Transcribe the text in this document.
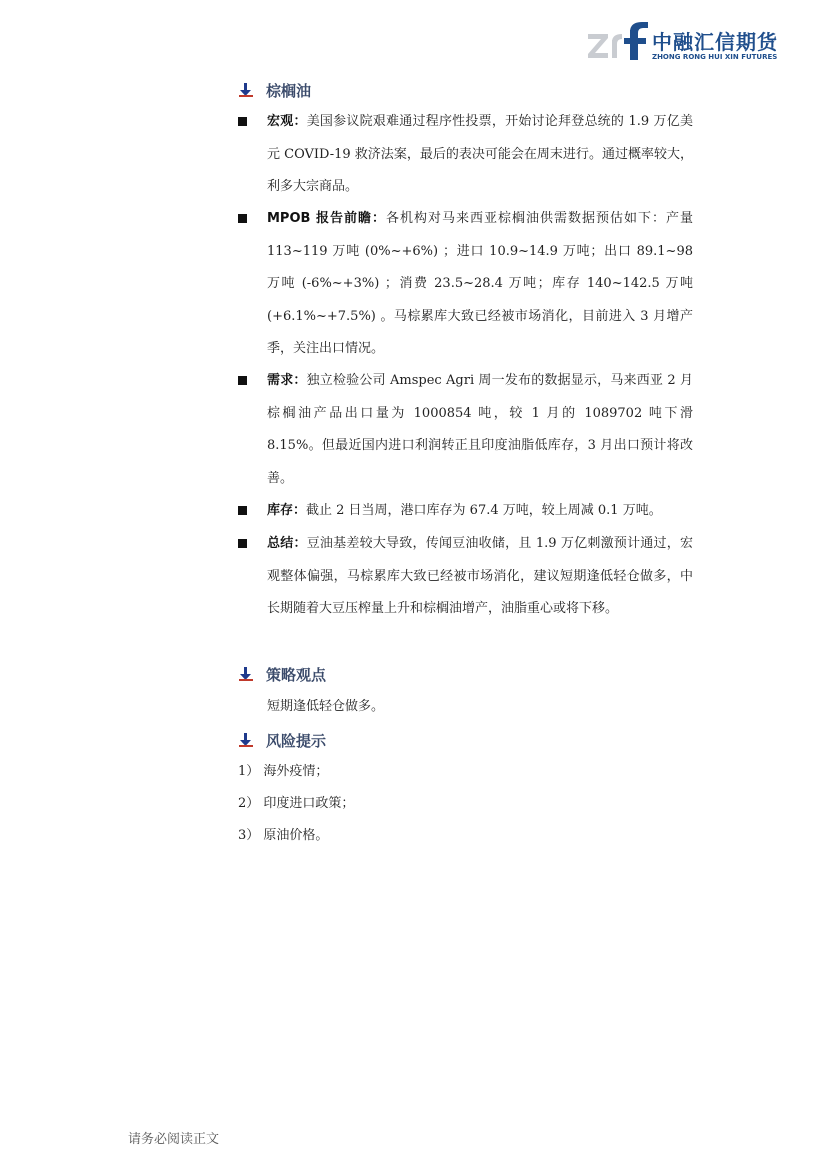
中融汇信期货
ZHONG RONG HUI XIN FUTURES
棕榈油
宏观：美国参议院艰难通过程序性投票，开始讨论拜登总统的 1.9 万亿美元 COVID-19 救济法案，最后的表决可能会在周末进行。通过概率较大，利多大宗商品。
MPOB 报告前瞻：各机构对马来西亚棕榈油供需数据预估如下：产量 113~119 万吨 (0%~+6%) ；进口 10.9~14.9 万吨；出口 89.1~98 万吨 (-6%~+3%) ；消费 23.5~28.4 万吨；库存 140~142.5 万吨 (+6.1%~+7.5%) 。马棕累库大致已经被市场消化，目前进入 3 月增产季，关注出口情况。
需求：独立检验公司 Amspec Agri 周一发布的数据显示，马来西亚 2 月棕榈油产品出口量为 1000854 吨，较 1 月的 1089702 吨下滑 8.15%。但最近国内进口利润转正且印度油脂低库存，3 月出口预计将改善。
库存：截止 2 日当周，港口库存为 67.4 万吨，较上周减 0.1 万吨。
总结：豆油基差较大导致，传闻豆油收储，且 1.9 万亿刺激预计通过，宏观整体偏强，马棕累库大致已经被市场消化，建议短期逢低轻仓做多，中长期随着大豆压榨量上升和棕榈油增产，油脂重心或将下移。
策略观点
短期逢低轻仓做多。
风险提示
1） 海外疫情；
2） 印度进口政策；
3） 原油价格。
请务必阅读正文
